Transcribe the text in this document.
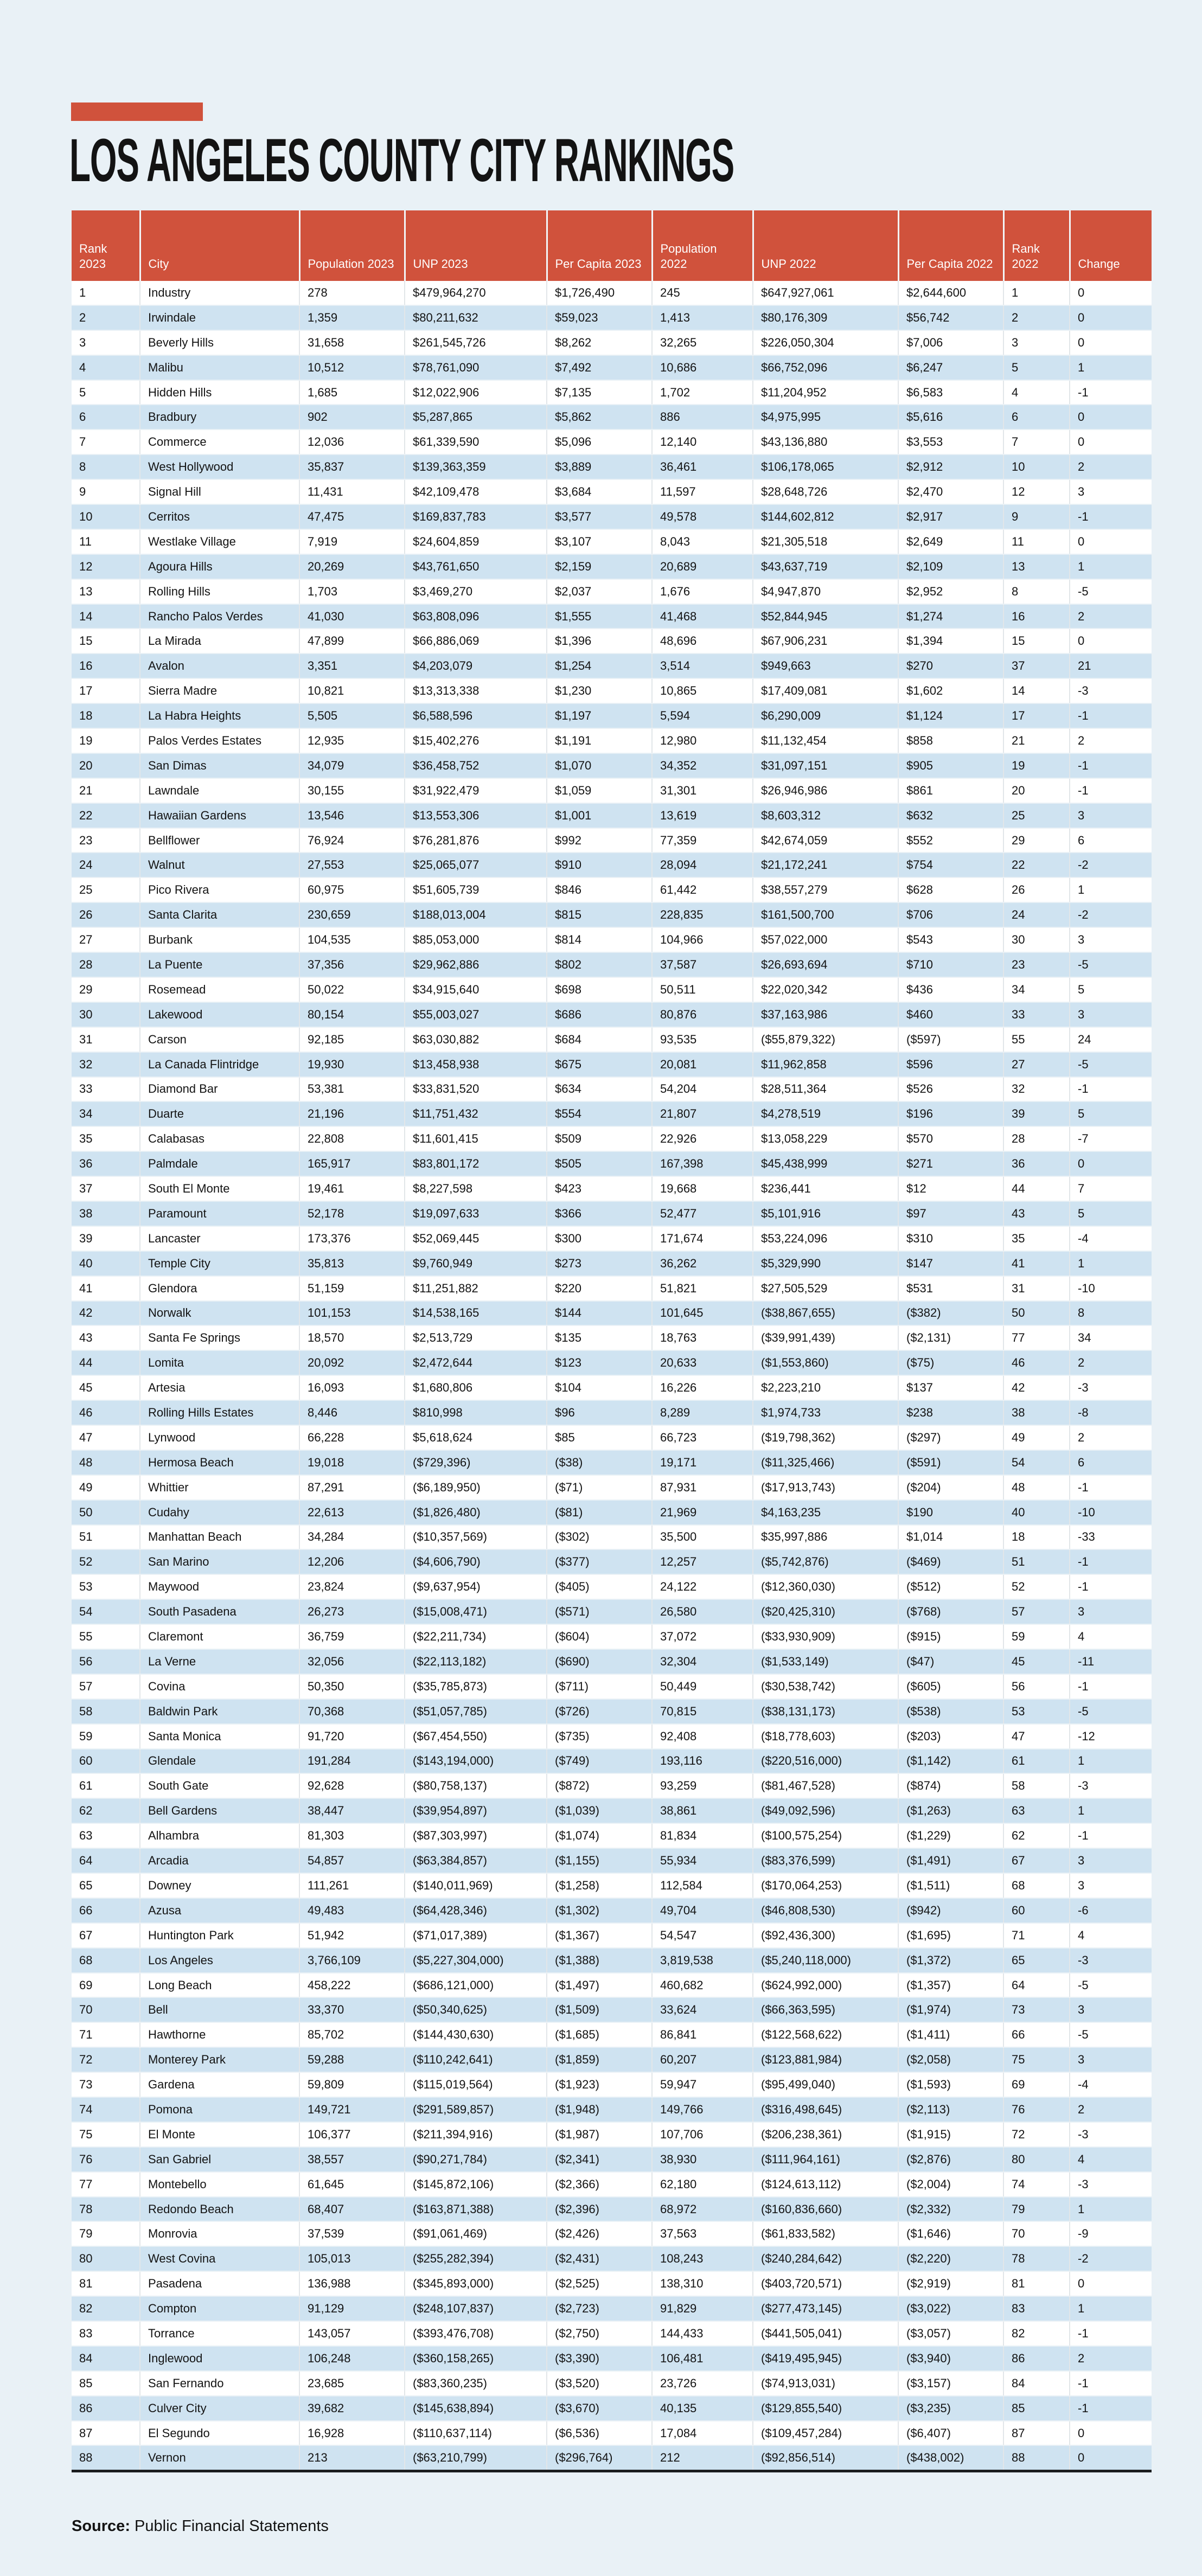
LOS ANGELES COUNTY CITY RANKINGS
Rank 2023	City	Population 2023	UNP 2023	Per Capita 2023	Population 2022	UNP 2022	Per Capita 2022	Rank 2022	Change
1	Industry	278	$479,964,270	$1,726,490	245	$647,927,061	$2,644,600	1	0
2	Irwindale	1,359	$80,211,632	$59,023	1,413	$80,176,309	$56,742	2	0
3	Beverly Hills	31,658	$261,545,726	$8,262	32,265	$226,050,304	$7,006	3	0
4	Malibu	10,512	$78,761,090	$7,492	10,686	$66,752,096	$6,247	5	1
5	Hidden Hills	1,685	$12,022,906	$7,135	1,702	$11,204,952	$6,583	4	-1
6	Bradbury	902	$5,287,865	$5,862	886	$4,975,995	$5,616	6	0
7	Commerce	12,036	$61,339,590	$5,096	12,140	$43,136,880	$3,553	7	0
8	West Hollywood	35,837	$139,363,359	$3,889	36,461	$106,178,065	$2,912	10	2
9	Signal Hill	11,431	$42,109,478	$3,684	11,597	$28,648,726	$2,470	12	3
10	Cerritos	47,475	$169,837,783	$3,577	49,578	$144,602,812	$2,917	9	-1
11	Westlake Village	7,919	$24,604,859	$3,107	8,043	$21,305,518	$2,649	11	0
12	Agoura Hills	20,269	$43,761,650	$2,159	20,689	$43,637,719	$2,109	13	1
13	Rolling Hills	1,703	$3,469,270	$2,037	1,676	$4,947,870	$2,952	8	-5
14	Rancho Palos Verdes	41,030	$63,808,096	$1,555	41,468	$52,844,945	$1,274	16	2
15	La Mirada	47,899	$66,886,069	$1,396	48,696	$67,906,231	$1,394	15	0
16	Avalon	3,351	$4,203,079	$1,254	3,514	$949,663	$270	37	21
17	Sierra Madre	10,821	$13,313,338	$1,230	10,865	$17,409,081	$1,602	14	-3
18	La Habra Heights	5,505	$6,588,596	$1,197	5,594	$6,290,009	$1,124	17	-1
19	Palos Verdes Estates	12,935	$15,402,276	$1,191	12,980	$11,132,454	$858	21	2
20	San Dimas	34,079	$36,458,752	$1,070	34,352	$31,097,151	$905	19	-1
21	Lawndale	30,155	$31,922,479	$1,059	31,301	$26,946,986	$861	20	-1
22	Hawaiian Gardens	13,546	$13,553,306	$1,001	13,619	$8,603,312	$632	25	3
23	Bellflower	76,924	$76,281,876	$992	77,359	$42,674,059	$552	29	6
24	Walnut	27,553	$25,065,077	$910	28,094	$21,172,241	$754	22	-2
25	Pico Rivera	60,975	$51,605,739	$846	61,442	$38,557,279	$628	26	1
26	Santa Clarita	230,659	$188,013,004	$815	228,835	$161,500,700	$706	24	-2
27	Burbank	104,535	$85,053,000	$814	104,966	$57,022,000	$543	30	3
28	La Puente	37,356	$29,962,886	$802	37,587	$26,693,694	$710	23	-5
29	Rosemead	50,022	$34,915,640	$698	50,511	$22,020,342	$436	34	5
30	Lakewood	80,154	$55,003,027	$686	80,876	$37,163,986	$460	33	3
31	Carson	92,185	$63,030,882	$684	93,535	($55,879,322)	($597)	55	24
32	La Canada Flintridge	19,930	$13,458,938	$675	20,081	$11,962,858	$596	27	-5
33	Diamond Bar	53,381	$33,831,520	$634	54,204	$28,511,364	$526	32	-1
34	Duarte	21,196	$11,751,432	$554	21,807	$4,278,519	$196	39	5
35	Calabasas	22,808	$11,601,415	$509	22,926	$13,058,229	$570	28	-7
36	Palmdale	165,917	$83,801,172	$505	167,398	$45,438,999	$271	36	0
37	South El Monte	19,461	$8,227,598	$423	19,668	$236,441	$12	44	7
38	Paramount	52,178	$19,097,633	$366	52,477	$5,101,916	$97	43	5
39	Lancaster	173,376	$52,069,445	$300	171,674	$53,224,096	$310	35	-4
40	Temple City	35,813	$9,760,949	$273	36,262	$5,329,990	$147	41	1
41	Glendora	51,159	$11,251,882	$220	51,821	$27,505,529	$531	31	-10
42	Norwalk	101,153	$14,538,165	$144	101,645	($38,867,655)	($382)	50	8
43	Santa Fe Springs	18,570	$2,513,729	$135	18,763	($39,991,439)	($2,131)	77	34
44	Lomita	20,092	$2,472,644	$123	20,633	($1,553,860)	($75)	46	2
45	Artesia	16,093	$1,680,806	$104	16,226	$2,223,210	$137	42	-3
46	Rolling Hills Estates	8,446	$810,998	$96	8,289	$1,974,733	$238	38	-8
47	Lynwood	66,228	$5,618,624	$85	66,723	($19,798,362)	($297)	49	2
48	Hermosa Beach	19,018	($729,396)	($38)	19,171	($11,325,466)	($591)	54	6
49	Whittier	87,291	($6,189,950)	($71)	87,931	($17,913,743)	($204)	48	-1
50	Cudahy	22,613	($1,826,480)	($81)	21,969	$4,163,235	$190	40	-10
51	Manhattan Beach	34,284	($10,357,569)	($302)	35,500	$35,997,886	$1,014	18	-33
52	San Marino	12,206	($4,606,790)	($377)	12,257	($5,742,876)	($469)	51	-1
53	Maywood	23,824	($9,637,954)	($405)	24,122	($12,360,030)	($512)	52	-1
54	South Pasadena	26,273	($15,008,471)	($571)	26,580	($20,425,310)	($768)	57	3
55	Claremont	36,759	($22,211,734)	($604)	37,072	($33,930,909)	($915)	59	4
56	La Verne	32,056	($22,113,182)	($690)	32,304	($1,533,149)	($47)	45	-11
57	Covina	50,350	($35,785,873)	($711)	50,449	($30,538,742)	($605)	56	-1
58	Baldwin Park	70,368	($51,057,785)	($726)	70,815	($38,131,173)	($538)	53	-5
59	Santa Monica	91,720	($67,454,550)	($735)	92,408	($18,778,603)	($203)	47	-12
60	Glendale	191,284	($143,194,000)	($749)	193,116	($220,516,000)	($1,142)	61	1
61	South Gate	92,628	($80,758,137)	($872)	93,259	($81,467,528)	($874)	58	-3
62	Bell Gardens	38,447	($39,954,897)	($1,039)	38,861	($49,092,596)	($1,263)	63	1
63	Alhambra	81,303	($87,303,997)	($1,074)	81,834	($100,575,254)	($1,229)	62	-1
64	Arcadia	54,857	($63,384,857)	($1,155)	55,934	($83,376,599)	($1,491)	67	3
65	Downey	111,261	($140,011,969)	($1,258)	112,584	($170,064,253)	($1,511)	68	3
66	Azusa	49,483	($64,428,346)	($1,302)	49,704	($46,808,530)	($942)	60	-6
67	Huntington Park	51,942	($71,017,389)	($1,367)	54,547	($92,436,300)	($1,695)	71	4
68	Los Angeles	3,766,109	($5,227,304,000)	($1,388)	3,819,538	($5,240,118,000)	($1,372)	65	-3
69	Long Beach	458,222	($686,121,000)	($1,497)	460,682	($624,992,000)	($1,357)	64	-5
70	Bell	33,370	($50,340,625)	($1,509)	33,624	($66,363,595)	($1,974)	73	3
71	Hawthorne	85,702	($144,430,630)	($1,685)	86,841	($122,568,622)	($1,411)	66	-5
72	Monterey Park	59,288	($110,242,641)	($1,859)	60,207	($123,881,984)	($2,058)	75	3
73	Gardena	59,809	($115,019,564)	($1,923)	59,947	($95,499,040)	($1,593)	69	-4
74	Pomona	149,721	($291,589,857)	($1,948)	149,766	($316,498,645)	($2,113)	76	2
75	El Monte	106,377	($211,394,916)	($1,987)	107,706	($206,238,361)	($1,915)	72	-3
76	San Gabriel	38,557	($90,271,784)	($2,341)	38,930	($111,964,161)	($2,876)	80	4
77	Montebello	61,645	($145,872,106)	($2,366)	62,180	($124,613,112)	($2,004)	74	-3
78	Redondo Beach	68,407	($163,871,388)	($2,396)	68,972	($160,836,660)	($2,332)	79	1
79	Monrovia	37,539	($91,061,469)	($2,426)	37,563	($61,833,582)	($1,646)	70	-9
80	West Covina	105,013	($255,282,394)	($2,431)	108,243	($240,284,642)	($2,220)	78	-2
81	Pasadena	136,988	($345,893,000)	($2,525)	138,310	($403,720,571)	($2,919)	81	0
82	Compton	91,129	($248,107,837)	($2,723)	91,829	($277,473,145)	($3,022)	83	1
83	Torrance	143,057	($393,476,708)	($2,750)	144,433	($441,505,041)	($3,057)	82	-1
84	Inglewood	106,248	($360,158,265)	($3,390)	106,481	($419,495,945)	($3,940)	86	2
85	San Fernando	23,685	($83,360,235)	($3,520)	23,726	($74,913,031)	($3,157)	84	-1
86	Culver City	39,682	($145,638,894)	($3,670)	40,135	($129,855,540)	($3,235)	85	-1
87	El Segundo	16,928	($110,637,114)	($6,536)	17,084	($109,457,284)	($6,407)	87	0
88	Vernon	213	($63,210,799)	($296,764)	212	($92,856,514)	($438,002)	88	0

Source: Public Financial Statements
